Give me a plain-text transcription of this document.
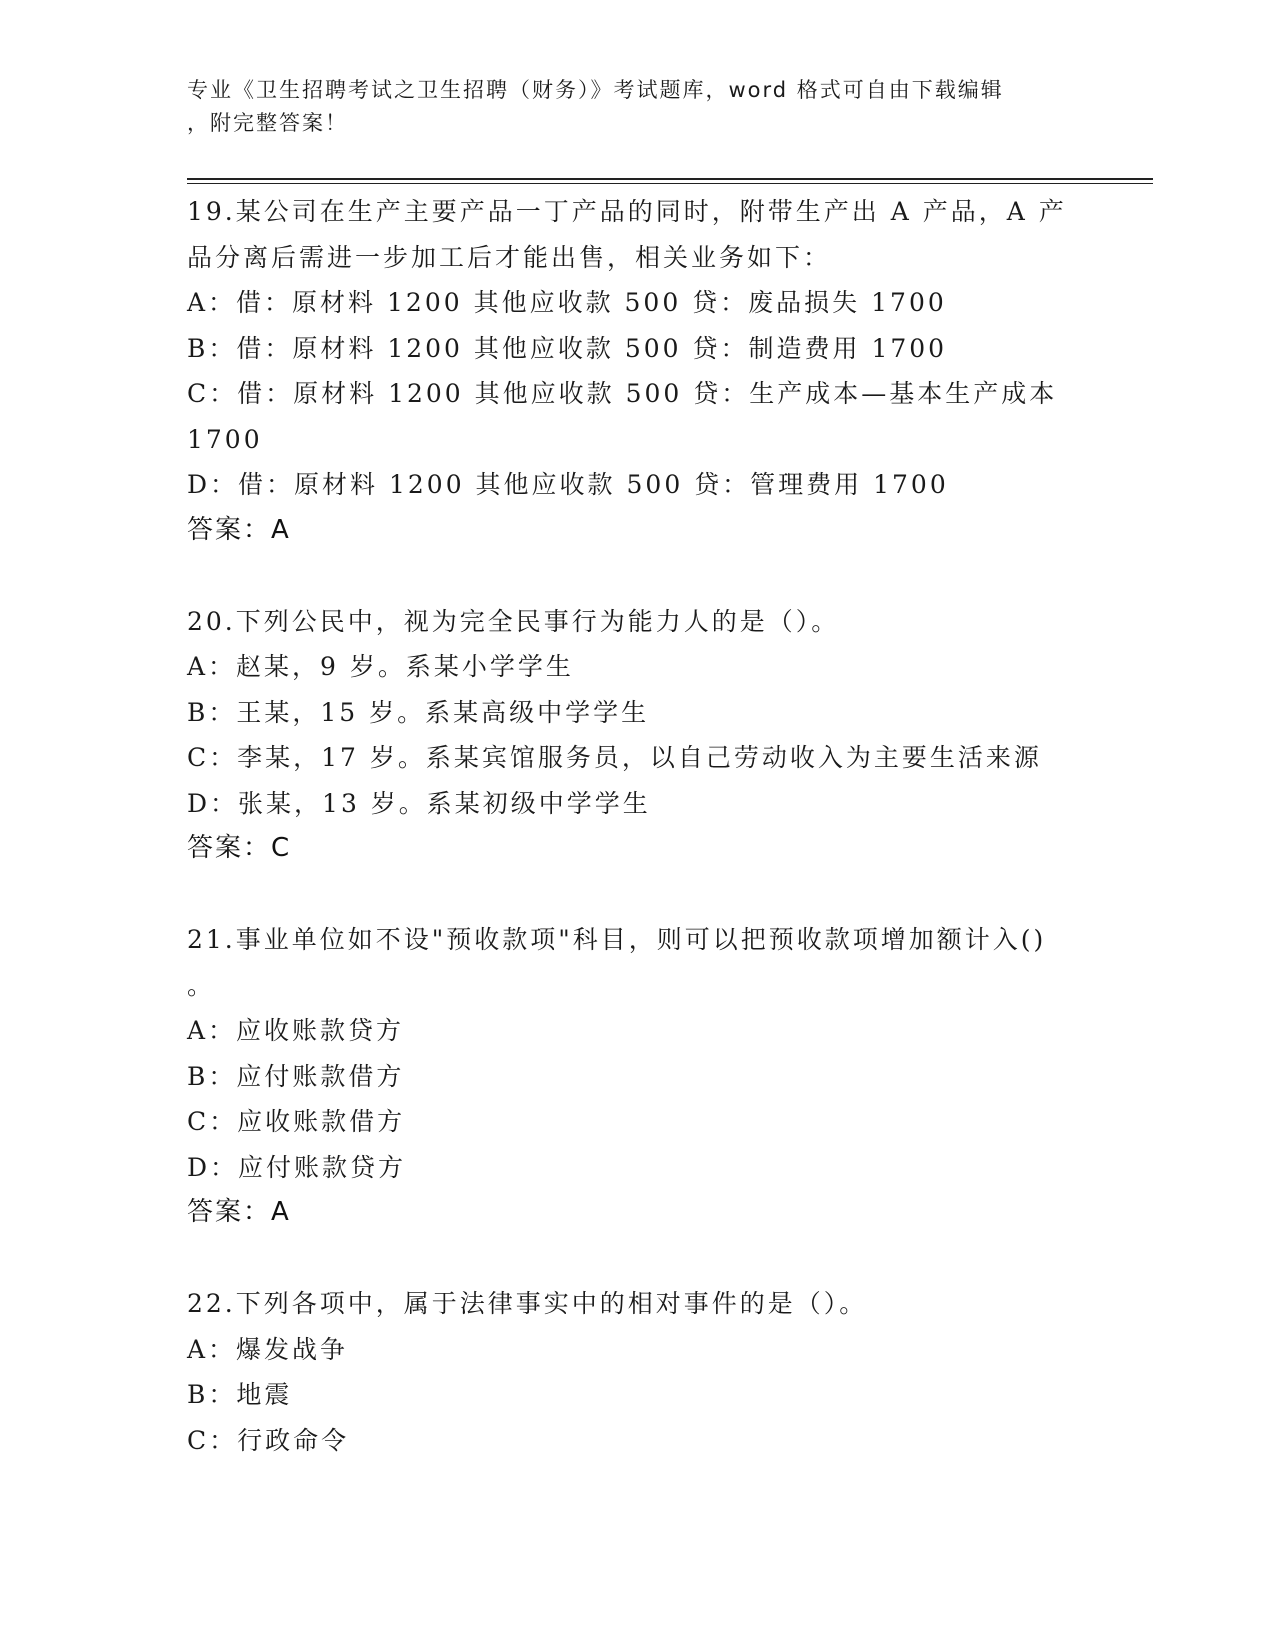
专业《卫生招聘考试之卫生招聘（财务）》考试题库，word 格式可自由下载编辑
，附完整答案！
19.某公司在生产主要产品一丁产品的同时，附带生产出 A 产品，A 产
品分离后需进一步加工后才能出售，相关业务如下：
A：借：原材料 1200 其他应收款 500 贷：废品损失 1700
B：借：原材料 1200 其他应收款 500 贷：制造费用 1700
C：借：原材料 1200 其他应收款 500 贷：生产成本—基本生产成本
1700
D：借：原材料 1200 其他应收款 500 贷：管理费用 1700
答案：A
20.下列公民中，视为完全民事行为能力人的是（）。
A：赵某，9 岁。系某小学学生
B：王某，15 岁。系某高级中学学生
C：李某，17 岁。系某宾馆服务员，以自己劳动收入为主要生活来源
D：张某，13 岁。系某初级中学学生
答案：C
21.事业单位如不设"预收款项"科目，则可以把预收款项增加额计入()
。
A：应收账款贷方
B：应付账款借方
C：应收账款借方
D：应付账款贷方
答案：A
22.下列各项中，属于法律事实中的相对事件的是（）。
A：爆发战争
B：地震
C：行政命令
